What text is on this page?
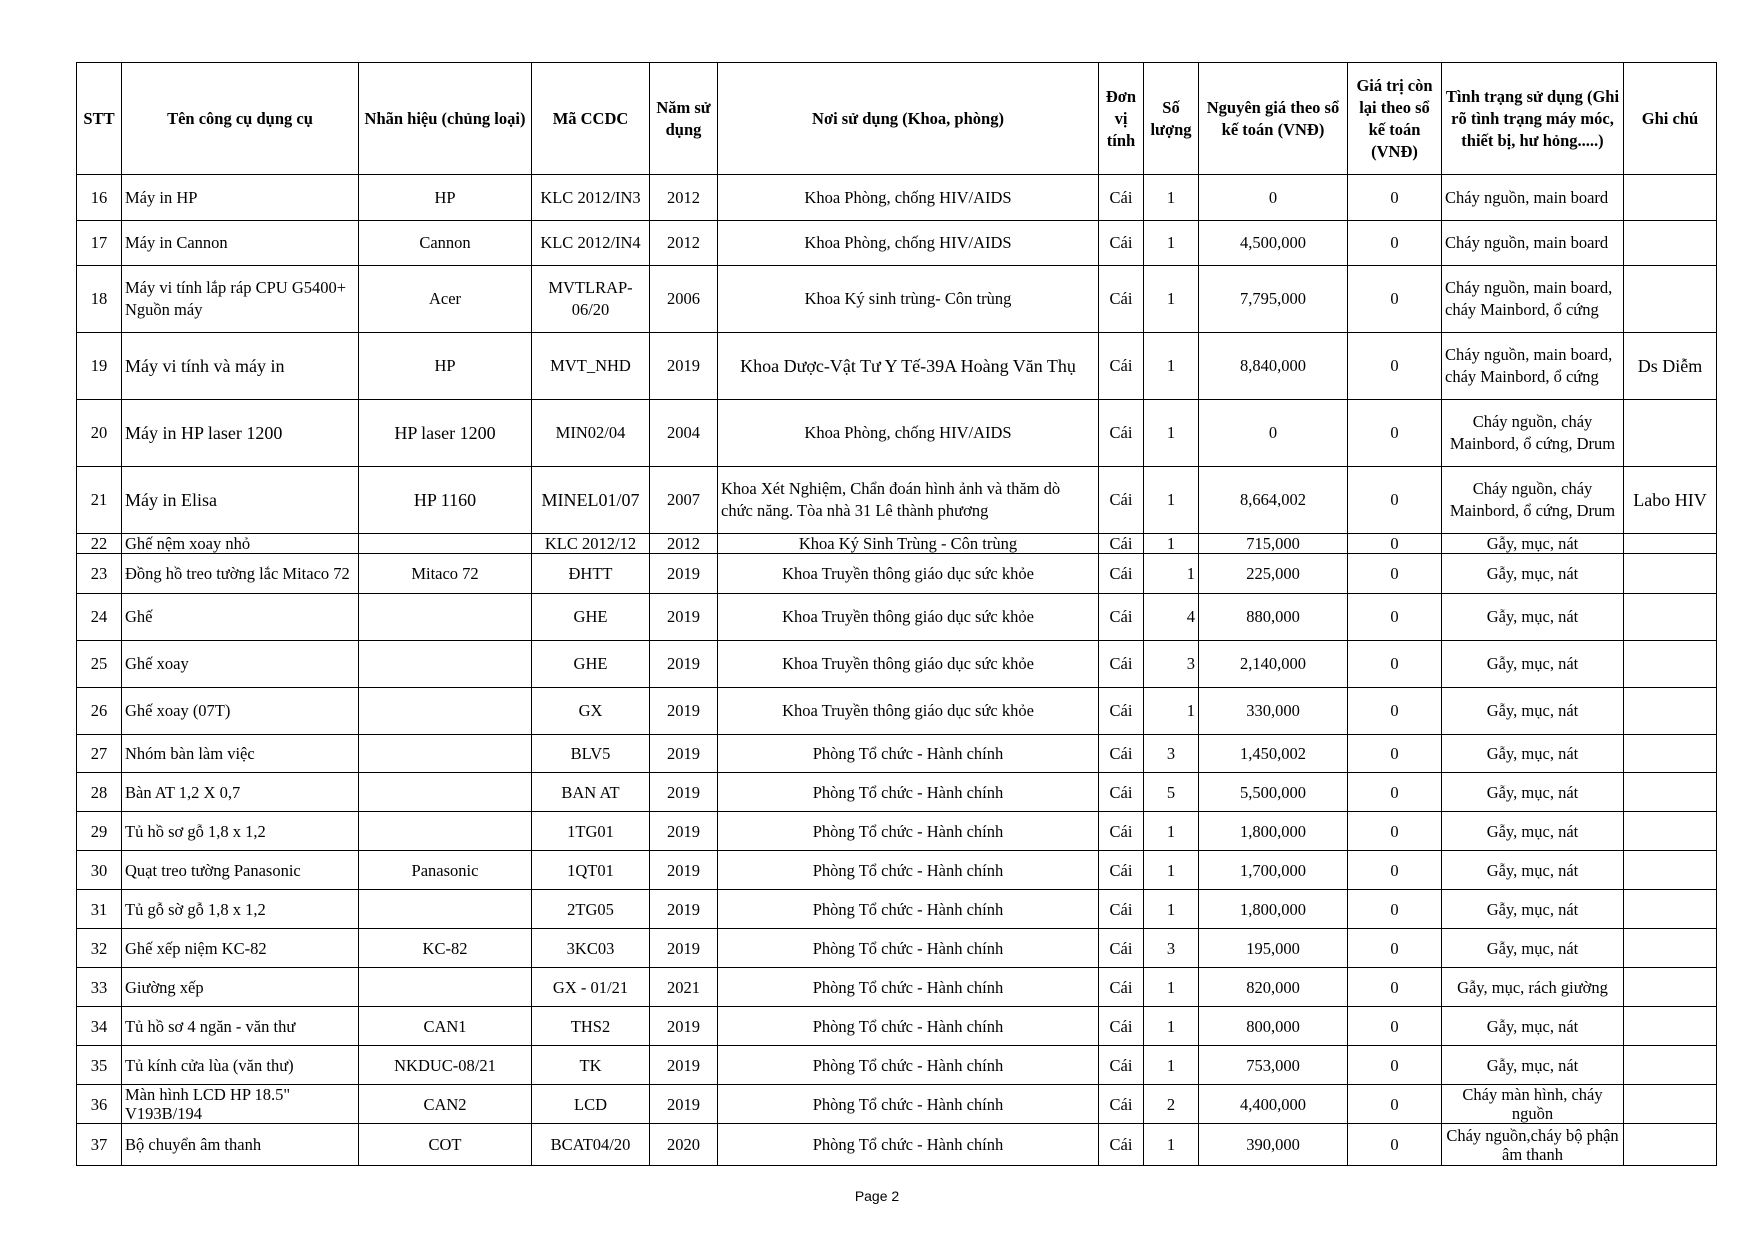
STT	Tên công cụ dụng cụ	Nhãn hiệu (chủng loại)	Mã CCDC	Năm sử dụng	Nơi sử dụng (Khoa, phòng)	Đơn vị tính	Số lượng	Nguyên giá theo sổ kế toán (VNĐ)	Giá trị còn lại theo sổ kế toán (VNĐ)	Tình trạng sử dụng (Ghi rõ tình trạng máy móc, thiết bị, hư hỏng.....)	Ghi chú
16	Máy in HP	HP	KLC 2012/IN3	2012	Khoa Phòng, chống HIV/AIDS	Cái	1	0	0	Cháy nguồn, main board	
17	Máy in Cannon	Cannon	KLC 2012/IN4	2012	Khoa Phòng, chống HIV/AIDS	Cái	1	4,500,000	0	Cháy nguồn, main board	
18	Máy vi tính lắp ráp CPU G5400+ Nguồn máy	Acer	MVTLRAP-06/20	2006	Khoa Ký sinh trùng- Côn trùng	Cái	1	7,795,000	0	Cháy nguồn, main board, cháy Mainbord, ổ cứng	
19	Máy vi tính và máy in	HP	MVT_NHD	2019	Khoa Dược-Vật Tư Y Tế-39A Hoàng Văn Thụ	Cái	1	8,840,000	0	Cháy nguồn, main board, cháy Mainbord, ổ cứng	Ds Diễm
20	Máy in HP laser 1200	HP laser 1200	MIN02/04	2004	Khoa Phòng, chống HIV/AIDS	Cái	1	0	0	Cháy nguồn, cháy Mainbord, ổ cứng, Drum	
21	Máy in Elisa	HP 1160	MINEL01/07	2007	Khoa Xét Nghiệm, Chẩn đoán hình ảnh và thăm dò chức năng. Tòa nhà 31 Lê thành phương	Cái	1	8,664,002	0	Cháy nguồn, cháy Mainbord, ổ cứng, Drum	Labo HIV
22	Ghế nệm xoay nhỏ		KLC 2012/12	2012	Khoa Ký Sinh Trùng - Côn trùng	Cái	1	715,000	0	Gẫy, mục, nát	
23	Đồng hồ treo tường lắc Mitaco 72	Mitaco 72	ĐHTT	2019	Khoa Truyền thông giáo dục sức khỏe	Cái	1	225,000	0	Gẫy, mục, nát	
24	Ghế		GHE	2019	Khoa Truyền thông giáo dục sức khỏe	Cái	4	880,000	0	Gẫy, mục, nát	
25	Ghế xoay		GHE	2019	Khoa Truyền thông giáo dục sức khỏe	Cái	3	2,140,000	0	Gẫy, mục, nát	
26	Ghế xoay (07T)		GX	2019	Khoa Truyền thông giáo dục sức khỏe	Cái	1	330,000	0	Gẫy, mục, nát	
27	Nhóm bàn làm việc		BLV5	2019	Phòng Tổ chức - Hành chính	Cái	3	1,450,002	0	Gẫy, mục, nát	
28	Bàn AT 1,2 X 0,7		BAN AT	2019	Phòng Tổ chức - Hành chính	Cái	5	5,500,000	0	Gẫy, mục, nát	
29	Tủ hồ sơ gỗ 1,8 x 1,2		1TG01	2019	Phòng Tổ chức - Hành chính	Cái	1	1,800,000	0	Gẫy, mục, nát	
30	Quạt treo tường Panasonic	Panasonic	1QT01	2019	Phòng Tổ chức - Hành chính	Cái	1	1,700,000	0	Gẫy, mục, nát	
31	Tủ gỗ sờ gỗ 1,8 x 1,2		2TG05	2019	Phòng Tổ chức - Hành chính	Cái	1	1,800,000	0	Gẫy, mục, nát	
32	Ghế xếp niệm KC-82	KC-82	3KC03	2019	Phòng Tổ chức - Hành chính	Cái	3	195,000	0	Gẫy, mục, nát	
33	Giường xếp		GX - 01/21	2021	Phòng Tổ chức - Hành chính	Cái	1	820,000	0	Gẫy, mục, rách giường	
34	Tủ hồ sơ 4 ngăn - văn thư	CAN1	THS2	2019	Phòng Tổ chức - Hành chính	Cái	1	800,000	0	Gẫy, mục, nát	
35	Tủ kính cửa lùa (văn thư)	NKDUC-08/21	TK	2019	Phòng Tổ chức - Hành chính	Cái	1	753,000	0	Gẫy, mục, nát	
36	Màn hình LCD HP 18.5" V193B/194	CAN2	LCD	2019	Phòng Tổ chức - Hành chính	Cái	2	4,400,000	0	Cháy màn hình, cháy nguồn	
37	Bộ chuyển âm thanh	COT	BCAT04/20	2020	Phòng Tổ chức - Hành chính	Cái	1	390,000	0	Cháy nguồn,cháy bộ phận âm thanh	
Page 2
